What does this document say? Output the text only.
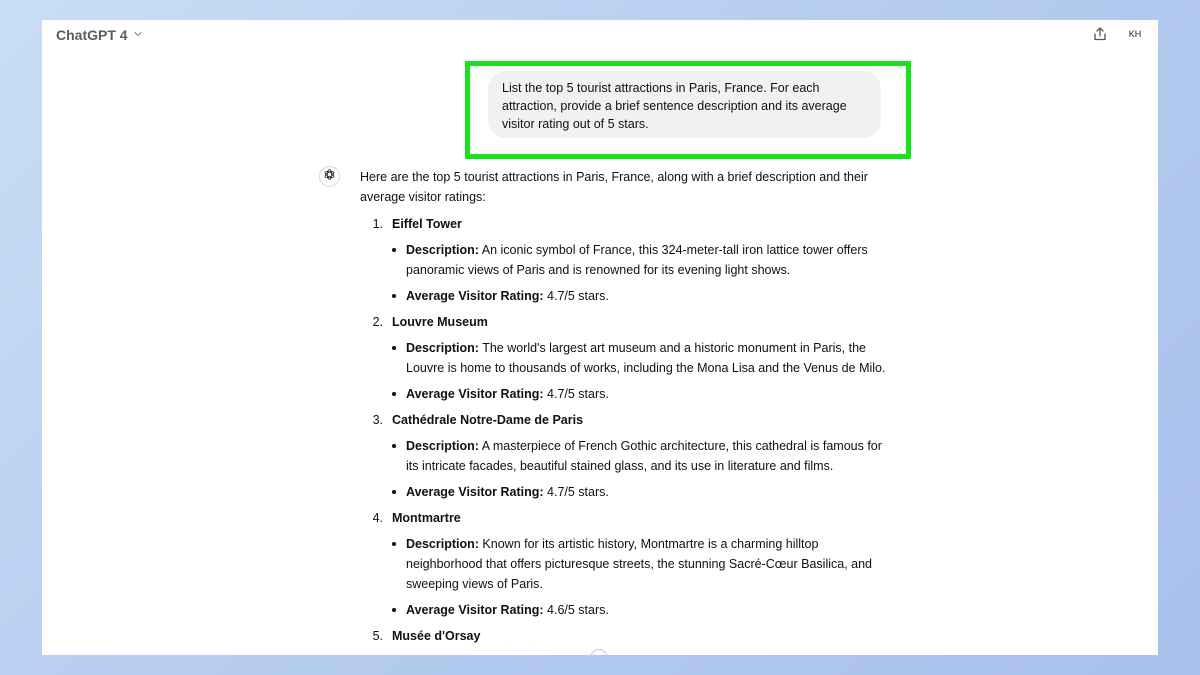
ChatGPT 4	KH
List the top 5 tourist attractions in Paris, France. For each attraction, provide a brief sentence description and its average visitor rating out of 5 stars.

Here are the top 5 tourist attractions in Paris, France, along with a brief description and their average visitor ratings:

1. Eiffel Tower
Description: An iconic symbol of France, this 324-meter-tall iron lattice tower offers panoramic views of Paris and is renowned for its evening light shows.
Average Visitor Rating: 4.7/5 stars.
2. Louvre Museum
Description: The world's largest art museum and a historic monument in Paris, the Louvre is home to thousands of works, including the Mona Lisa and the Venus de Milo.
Average Visitor Rating: 4.7/5 stars.
3. Cathédrale Notre-Dame de Paris
Description: A masterpiece of French Gothic architecture, this cathedral is famous for its intricate facades, beautiful stained glass, and its use in literature and films.
Average Visitor Rating: 4.7/5 stars.
4. Montmartre
Description: Known for its artistic history, Montmartre is a charming hilltop neighborhood that offers picturesque streets, the stunning Sacré-Cœur Basilica, and sweeping views of Paris.
Average Visitor Rating: 4.6/5 stars.
5. Musée d'Orsay
